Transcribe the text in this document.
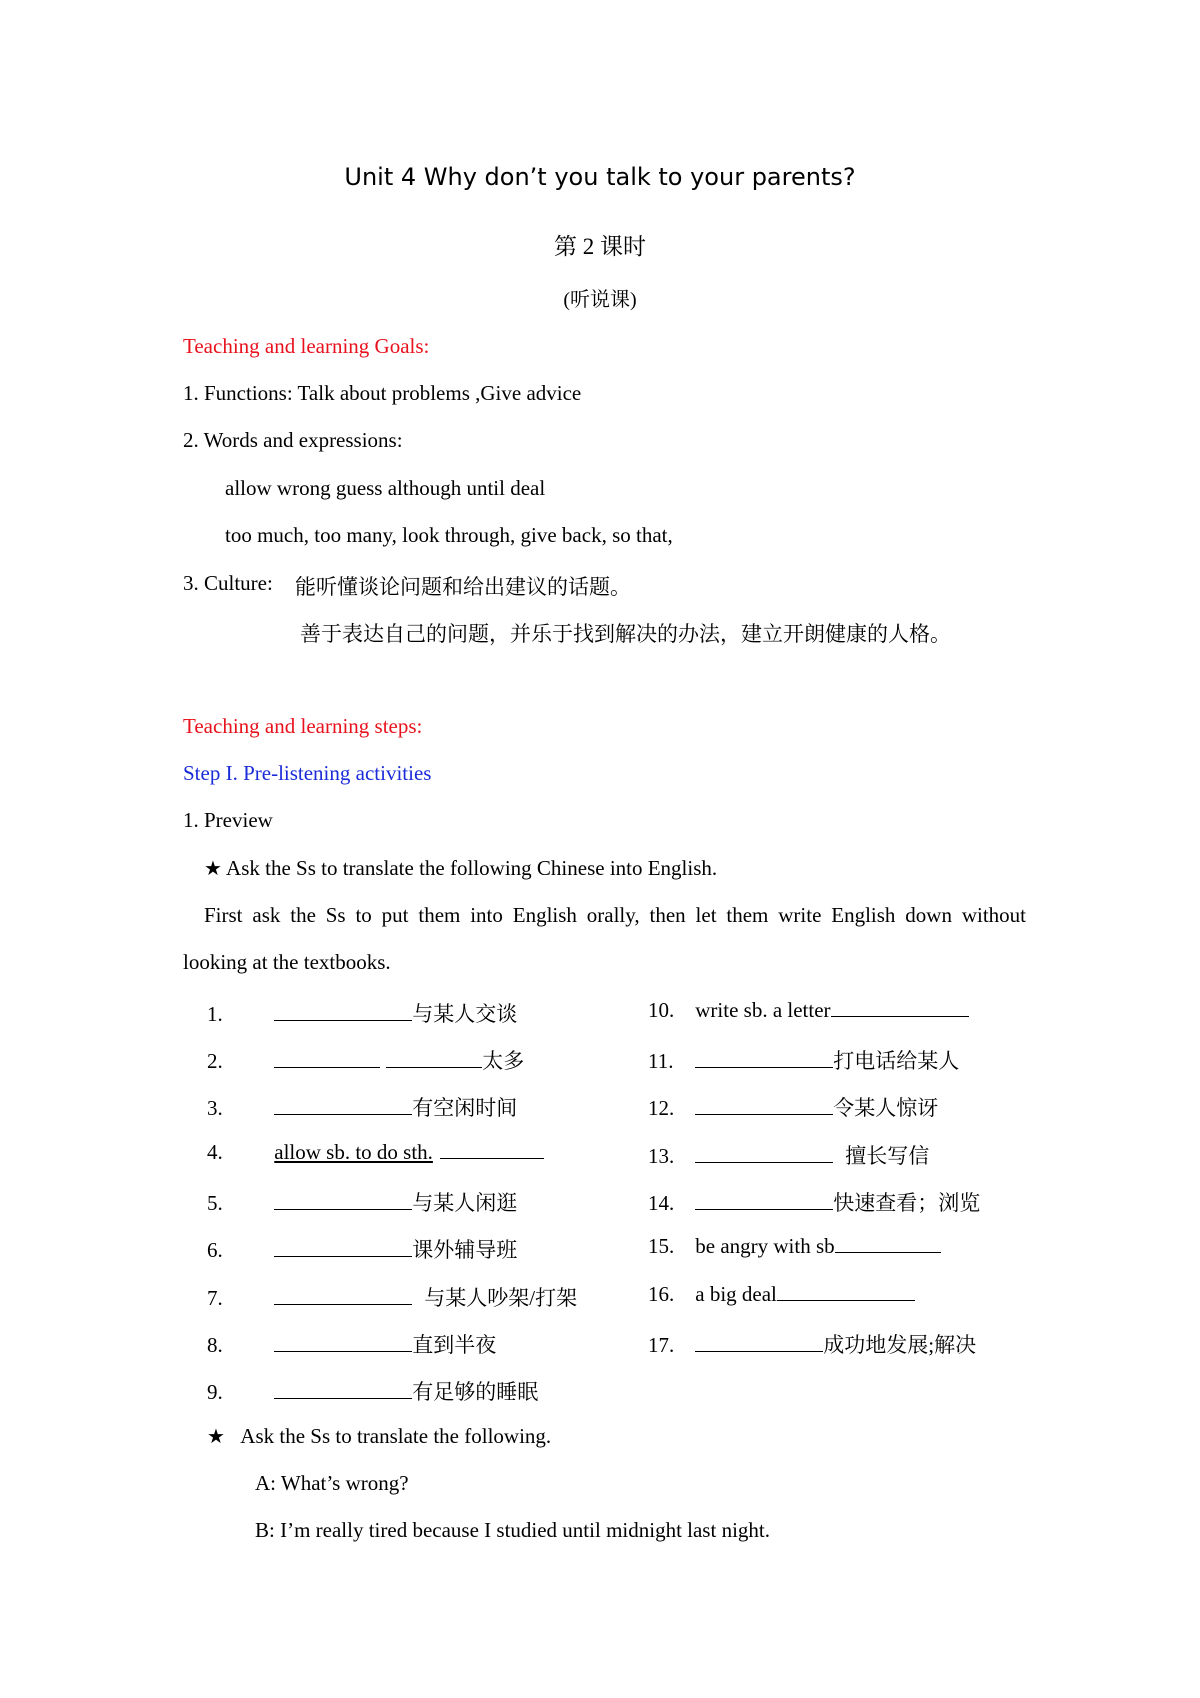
Unit 4 Why don’t you talk to your parents?
第 2 课时
(听说课)
Teaching and learning Goals:
1. Functions: Talk about problems ,Give advice
2. Words and expressions:
allow wrong guess although until deal
too much, too many, look through, give back, so that,
3. Culture: 能听懂谈论问题和给出建议的话题。
善于表达自己的问题，并乐于找到解决的办法，建立开朗健康的人格。
Teaching and learning steps:
Step I. Pre-listening activities
1. Preview
★ Ask the Ss to translate the following Chinese into English.
First ask the Ss to put them into English orally, then let them write English down without
looking at the textbooks.
1.	与某人交谈
2.	太多
3.	有空闲时间
4. allow sb. to do sth.
5.	与某人闲逛
6.	课外辅导班
7.	与某人吵架/打架
8.	直到半夜
9.	有足够的睡眠
10. write sb. a letter
11.	打电话给某人
12.	令某人惊讶
13.	擅长写信
14.	快速查看；浏览
15. be angry with sb
16. a big deal
17.	成功地发展;解决
★ Ask the Ss to translate the following.
A: What’s wrong?
B: I’m really tired because I studied until midnight last night.
